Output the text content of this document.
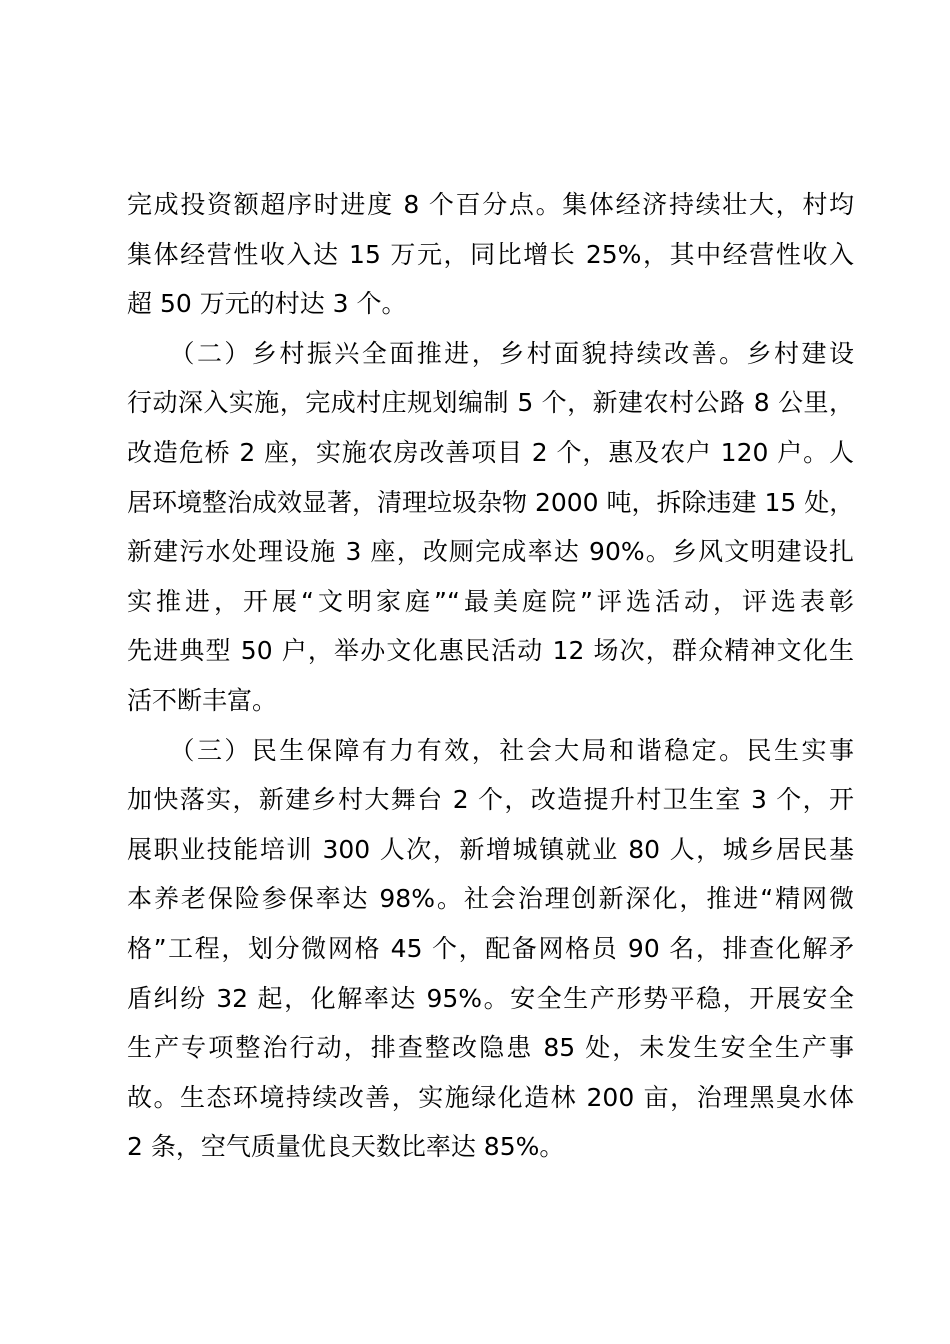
完成投资额超序时进度 8 个百分点。集体经济持续壮大，村均
集体经营性收入达 15 万元，同比增长 25%，其中经营性收入
超 50 万元的村达 3 个。
　　（二）乡村振兴全面推进，乡村面貌持续改善。乡村建设
行动深入实施，完成村庄规划编制 5 个，新建农村公路 8 公里，
改造危桥 2 座，实施农房改善项目 2 个，惠及农户 120 户。人
居环境整治成效显著，清理垃圾杂物 2000 吨，拆除违建 15 处，
新建污水处理设施 3 座，改厕完成率达 90%。乡风文明建设扎
实推进，开展“文明家庭”“最美庭院”评选活动，评选表彰
先进典型 50 户，举办文化惠民活动 12 场次，群众精神文化生
活不断丰富。
　　（三）民生保障有力有效，社会大局和谐稳定。民生实事
加快落实，新建乡村大舞台 2 个，改造提升村卫生室 3 个，开
展职业技能培训 300 人次，新增城镇就业 80 人，城乡居民基
本养老保险参保率达 98%。社会治理创新深化，推进“精网微
格”工程，划分微网格 45 个，配备网格员 90 名，排查化解矛
盾纠纷 32 起，化解率达 95%。安全生产形势平稳，开展安全
生产专项整治行动，排查整改隐患 85 处，未发生安全生产事
故。生态环境持续改善，实施绿化造林 200 亩，治理黑臭水体
2 条，空气质量优良天数比率达 85%。
